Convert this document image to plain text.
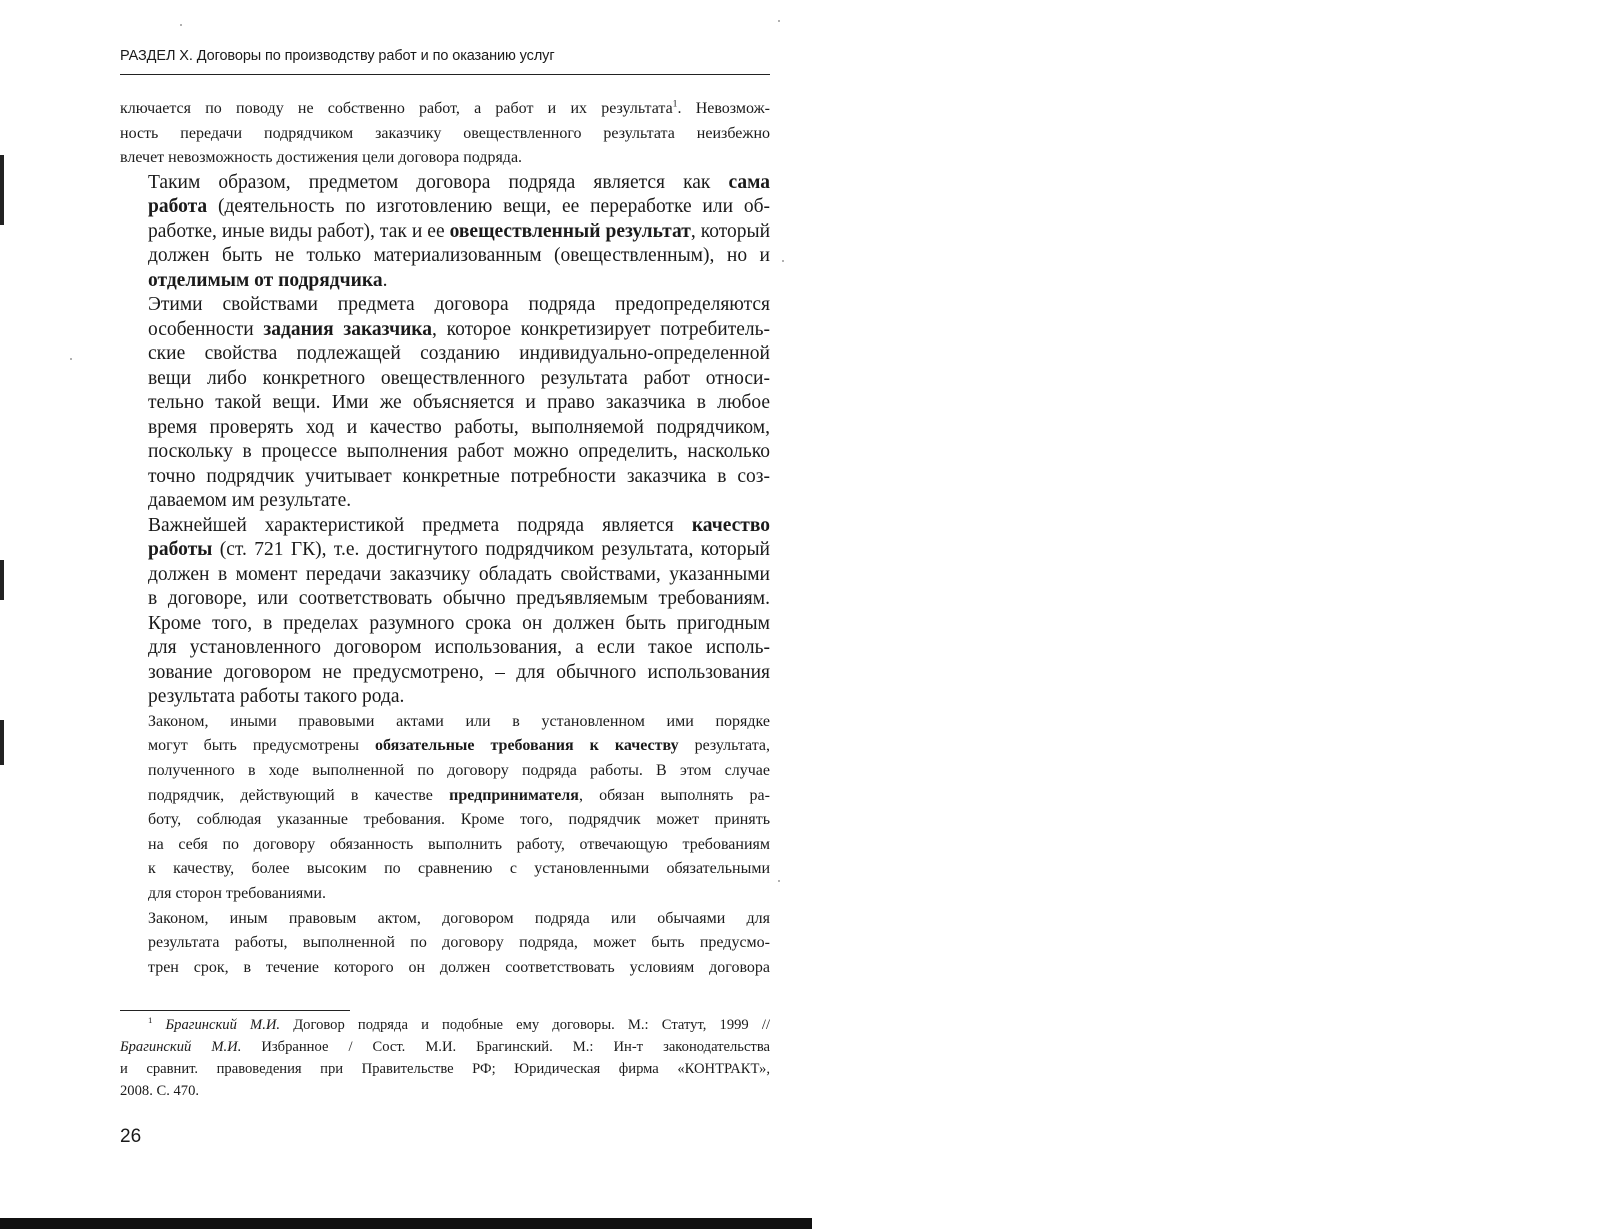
РАЗДЕЛ X. Договоры по производству работ и по оказанию услуг
ключается по поводу не собственно работ, а работ и их результата$^1$. Невозмож-
ность передачи подрядчиком заказчику овеществленного результата неизбежно
влечет невозможность достижения цели договора подряда.
Таким образом, предметом договора подряда является как сама
работа (деятельность по изготовлению вещи, ее переработке или об-
работке, иные виды работ), так и ее овеществленный результат, который
должен быть не только материализованным (овеществленным), но и
отделимым от подрядчика.
Этими свойствами предмета договора подряда предопределяются
особенности задания заказчика, которое конкретизирует потребитель-
ские свойства подлежащей созданию индивидуально-определенной
вещи либо конкретного овеществленного результата работ относи-
тельно такой вещи. Ими же объясняется и право заказчика в любое
время проверять ход и качество работы, выполняемой подрядчиком,
поскольку в процессе выполнения работ можно определить, насколько
точно подрядчик учитывает конкретные потребности заказчика в соз-
даваемом им результате.
Важнейшей характеристикой предмета подряда является качество
работы (ст. 721 ГК), т.е. достигнутого подрядчиком результата, который
должен в момент передачи заказчику обладать свойствами, указанными
в договоре, или соответствовать обычно предъявляемым требованиям.
Кроме того, в пределах разумного срока он должен быть пригодным
для установленного договором использования, а если такое исполь-
зование договором не предусмотрено, – для обычного использования
результата работы такого рода.
Законом, иными правовыми актами или в установленном ими порядке
могут быть предусмотрены обязательные требования к качеству результата,
полученного в ходе выполненной по договору подряда работы. В этом случае
подрядчик, действующий в качестве предпринимателя, обязан выполнять ра-
боту, соблюдая указанные требования. Кроме того, подрядчик может принять
на себя по договору обязанность выполнить работу, отвечающую требованиям
к качеству, более высоким по сравнению с установленными обязательными
для сторон требованиями.
Законом, иным правовым актом, договором подряда или обычаями для
результата работы, выполненной по договору подряда, может быть предусмо-
трен срок, в течение которого он должен соответствовать условиям договора
$^1$ Брагинский М.И. Договор подряда и подобные ему договоры. М.: Статут, 1999 //
Брагинский М.И. Избранное / Сост. М.И. Брагинский. М.: Ин-т законодательства
и сравнит. правоведения при Правительстве РФ; Юридическая фирма «КОНТРАКТ»,
2008. С. 470.
26
